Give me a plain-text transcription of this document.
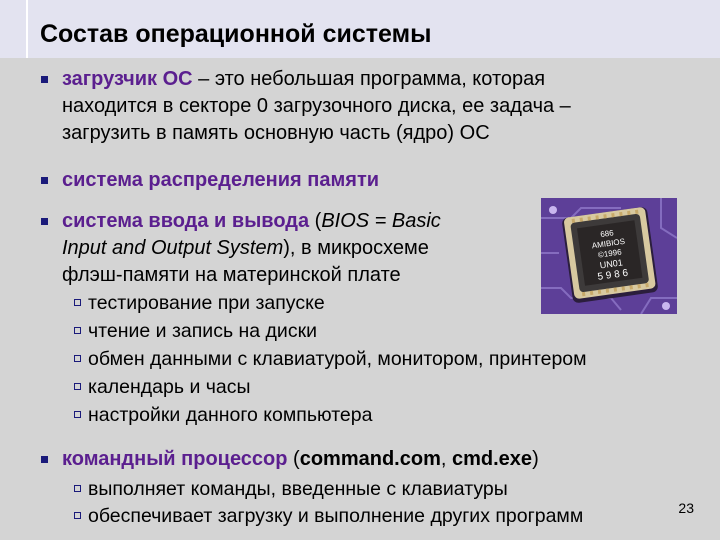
Состав операционной системы
загрузчик ОС – это небольшая программа, которая
находится в секторе 0 загрузочного диска, ее задача –
загрузить в память основную часть (ядро) ОС
система распределения памяти
система ввода и вывода (BIOS = Basic
Input and Output System), в микросхеме
флэш-памяти на материнской плате
тестирование при запуске
чтение и запись на диски
обмен данными с клавиатурой, монитором, принтером
календарь и часы
настройки данного компьютера
командный процессор (command.com, cmd.exe)
выполняет команды, введенные с клавиатуры
обеспечивает загрузку и выполнение других программ	23
686
AMIBIOS
©1996
UN01
5 9 8 6
